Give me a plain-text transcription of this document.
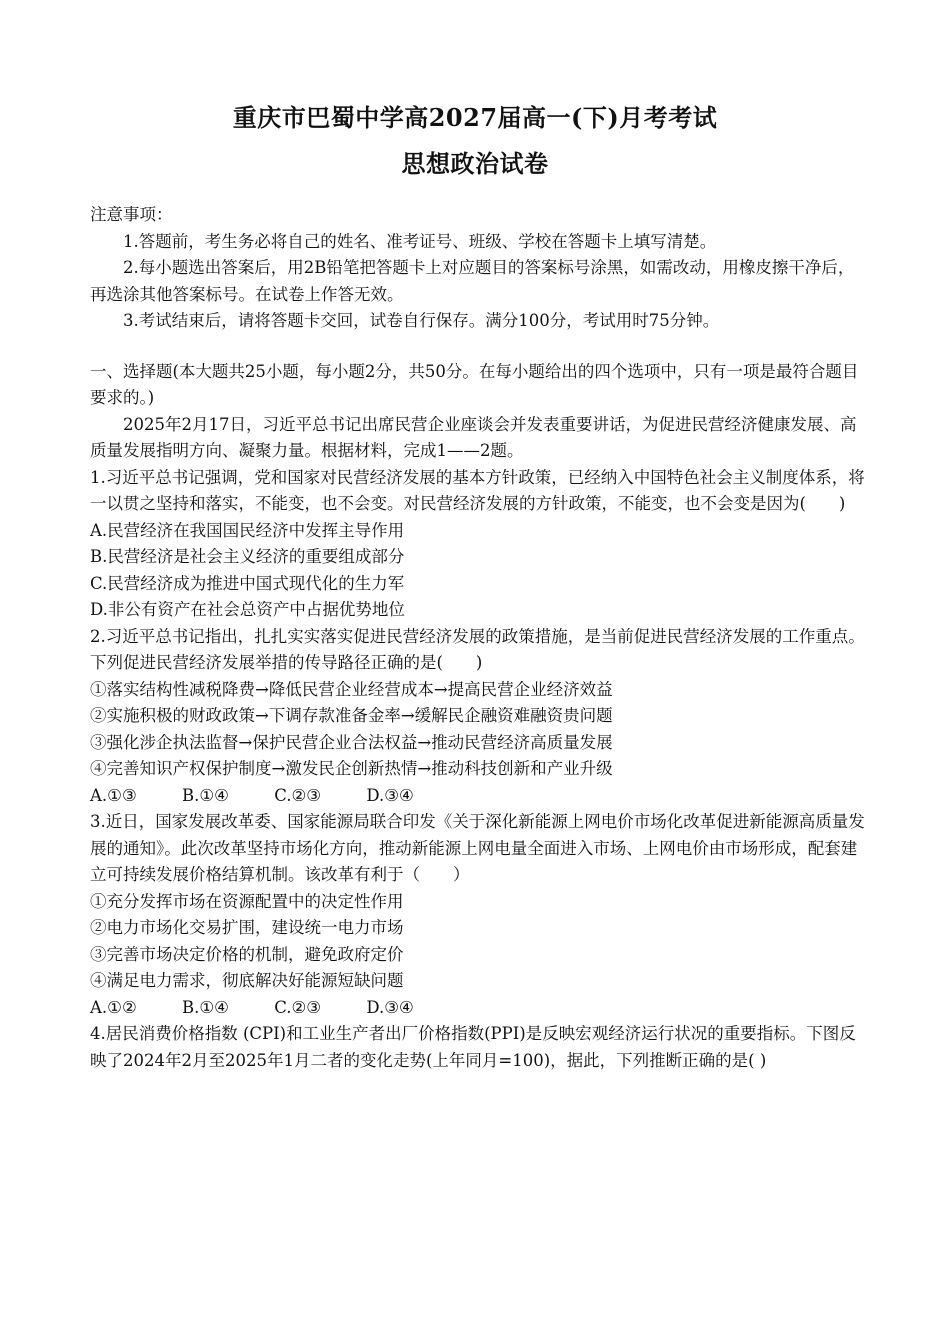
重庆市巴蜀中学高2027届高一(下)月考考试
思想政治试卷

注意事项：

1.答题前，考生务必将自己的姓名、准考证号、班级、学校在答题卡上填写清楚。

2.每小题选出答案后，用2B铅笔把答题卡上对应题目的答案标号涂黑，如需改动，用橡皮擦干净后，再选涂其他答案标号。在试卷上作答无效。

3.考试结束后，请将答题卡交回，试卷自行保存。满分100分，考试用时75分钟。

一、选择题(本大题共25小题，每小题2分，共50分。在每小题给出的四个选项中，只有一项是最符合题目要求的。)

2025年2月17日，习近平总书记出席民营企业座谈会并发表重要讲话，为促进民营经济健康发展、高质量发展指明方向、凝聚力量。根据材料，完成1——2题。

1.习近平总书记强调，党和国家对民营经济发展的基本方针政策，已经纳入中国特色社会主义制度体系，将一以贯之坚持和落实，不能变，也不会变。对民营经济发展的方针政策，不能变，也不会变是因为(　　)

A.民营经济在我国国民经济中发挥主导作用

B.民营经济是社会主义经济的重要组成部分

C.民营经济成为推进中国式现代化的生力军

D.非公有资产在社会总资产中占据优势地位

2.习近平总书记指出，扎扎实实落实促进民营经济发展的政策措施，是当前促进民营经济发展的工作重点。下列促进民营经济发展举措的传导路径正确的是(　　)

①落实结构性减税降费→降低民营企业经营成本→提高民营企业经济效益

②实施积极的财政政策→下调存款准备金率→缓解民企融资难融资贵问题

③强化涉企执法监督→保护民营企业合法权益→推动民营经济高质量发展

④完善知识产权保护制度→激发民企创新热情→推动科技创新和产业升级

A.①③	B.①④	C.②③	D.③④

3.近日，国家发展改革委、国家能源局联合印发《关于深化新能源上网电价市场化改革促进新能源高质量发展的通知》。此次改革坚持市场化方向，推动新能源上网电量全面进入市场、上网电价由市场形成，配套建立可持续发展价格结算机制。该改革有利于（　　）

①充分发挥市场在资源配置中的决定性作用

②电力市场化交易扩围，建设统一电力市场

③完善市场决定价格的机制，避免政府定价

④满足电力需求，彻底解决好能源短缺问题

A.①②	B.①④	C.②③	D.③④

4.居民消费价格指数 (CPI)和工业生产者出厂价格指数(PPI)是反映宏观经济运行状况的重要指标。下图反映了2024年2月至2025年1月二者的变化走势(上年同月=100)，据此，下列推断正确的是( )
